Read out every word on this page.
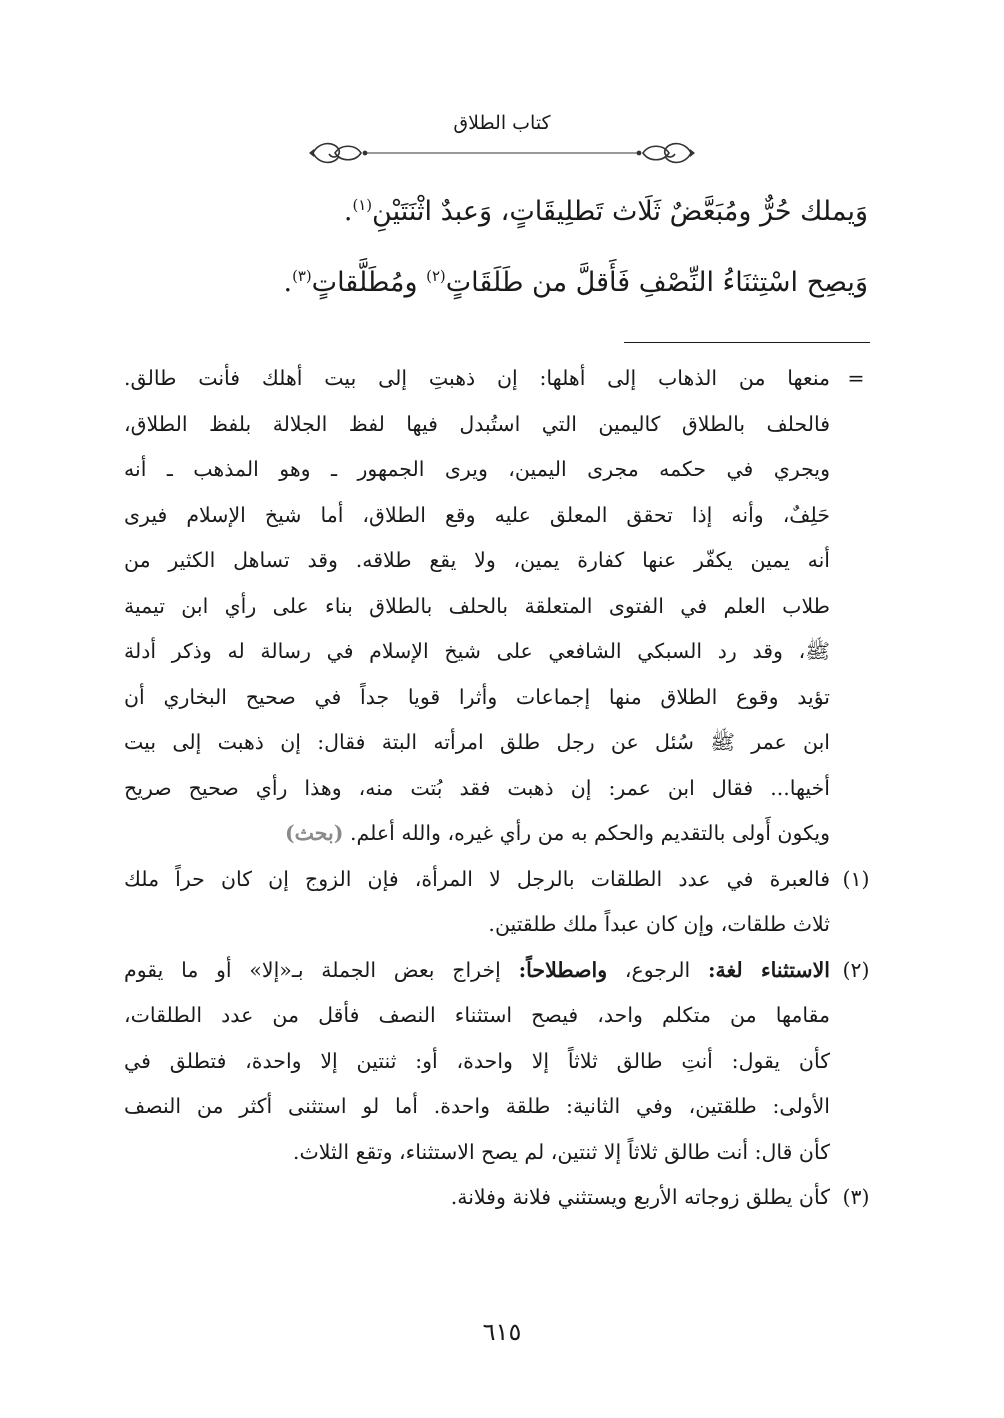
كتاب الطلاق
وَيملك حُرٌّ ومُبَعَّضٌ ثَلَاث تَطلِيقَاتٍ، وَعبدٌ اثْنَتَيْنِ$^{(١)}$.
وَيصِح اسْتِثنَاءُ النِّصْفِ فَأَقلَّ من طَلَقَاتٍ$^{(٢)}$ ومُطَلَّقاتٍ$^{(٣)}$.
=
منعها من الذهاب إلى أهلها: إن ذهبتِ إلى بيت أهلك فأنت طالق.
فالحلف بالطلاق كاليمين التي استُبدل فيها لفظ الجلالة بلفظ الطلاق،
ويجري في حكمه مجرى اليمين، ويرى الجمهور ـ وهو المذهب ـ أنه
حَلِفٌ، وأنه إذا تحقق المعلق عليه وقع الطلاق، أما شيخ الإسلام فيرى
أنه يمين يكفّر عنها كفارة يمين، ولا يقع طلاقه. وقد تساهل الكثير من
طلاب العلم في الفتوى المتعلقة بالحلف بالطلاق بناء على رأي ابن تيمية
ﷺ، وقد رد السبكي الشافعي على شيخ الإسلام في رسالة له وذكر أدلة
تؤيد وقوع الطلاق منها إجماعات وأثرا قويا جداً في صحيح البخاري أن
ابن عمر ﷺ سُئل عن رجل طلق امرأته البتة فقال: إن ذهبت إلى بيت
أخيها... فقال ابن عمر: إن ذهبت فقد بُتت منه، وهذا رأي صحيح صريح
ويكون أَولى بالتقديم والحكم به من رأي غيره، والله أعلم. (بحث)
(١)
فالعبرة في عدد الطلقات بالرجل لا المرأة، فإن الزوج إن كان حراً ملك
ثلاث طلقات، وإن كان عبداً ملك طلقتين.
(٢)
الاستثناء لغة: الرجوع، واصطلاحاً: إخراج بعض الجملة بـ«إلا» أو ما يقوم
مقامها من متكلم واحد، فيصح استثناء النصف فأقل من عدد الطلقات،
كأن يقول: أنتِ طالق ثلاثاً إلا واحدة، أو: ثنتين إلا واحدة، فتطلق في
الأولى: طلقتين، وفي الثانية: طلقة واحدة. أما لو استثنى أكثر من النصف
كأن قال: أنت طالق ثلاثاً إلا ثنتين، لم يصح الاستثناء، وتقع الثلاث.
(٣)
كأن يطلق زوجاته الأربع ويستثني فلانة وفلانة.
٦١٥
